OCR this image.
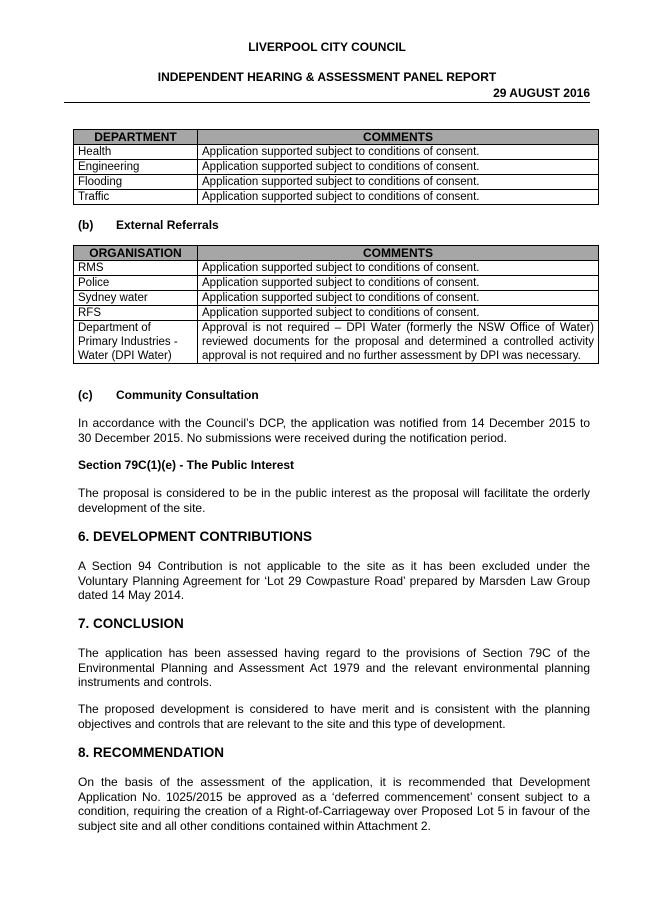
LIVERPOOL CITY COUNCIL
INDEPENDENT HEARING & ASSESSMENT PANEL REPORT
29 AUGUST 2016
DEPARTMENT	COMMENTS
Health	Application supported subject to conditions of consent.
Engineering	Application supported subject to conditions of consent.
Flooding	Application supported subject to conditions of consent.
Traffic	Application supported subject to conditions of consent.
(b) External Referrals
ORGANISATION	COMMENTS
RMS	Application supported subject to conditions of consent.
Police	Application supported subject to conditions of consent.
Sydney water	Application supported subject to conditions of consent.
RFS	Application supported subject to conditions of consent.
Department of Primary Industries - Water (DPI Water)	Approval is not required – DPI Water (formerly the NSW Office of Water) reviewed documents for the proposal and determined a controlled activity approval is not required and no further assessment by DPI was necessary.
(c) Community Consultation
In accordance with the Council’s DCP, the application was notified from 14 December 2015 to 30 December 2015. No submissions were received during the notification period.
Section 79C(1)(e) - The Public Interest
The proposal is considered to be in the public interest as the proposal will facilitate the orderly development of the site.
6. DEVELOPMENT CONTRIBUTIONS
A Section 94 Contribution is not applicable to the site as it has been excluded under the Voluntary Planning Agreement for ‘Lot 29 Cowpasture Road’ prepared by Marsden Law Group dated 14 May 2014.
7. CONCLUSION
The application has been assessed having regard to the provisions of Section 79C of the Environmental Planning and Assessment Act 1979 and the relevant environmental planning instruments and controls.
The proposed development is considered to have merit and is consistent with the planning objectives and controls that are relevant to the site and this type of development.
8. RECOMMENDATION
On the basis of the assessment of the application, it is recommended that Development Application No. 1025/2015 be approved as a ‘deferred commencement’ consent subject to a condition, requiring the creation of a Right-of-Carriageway over Proposed Lot 5 in favour of the subject site and all other conditions contained within Attachment 2.
